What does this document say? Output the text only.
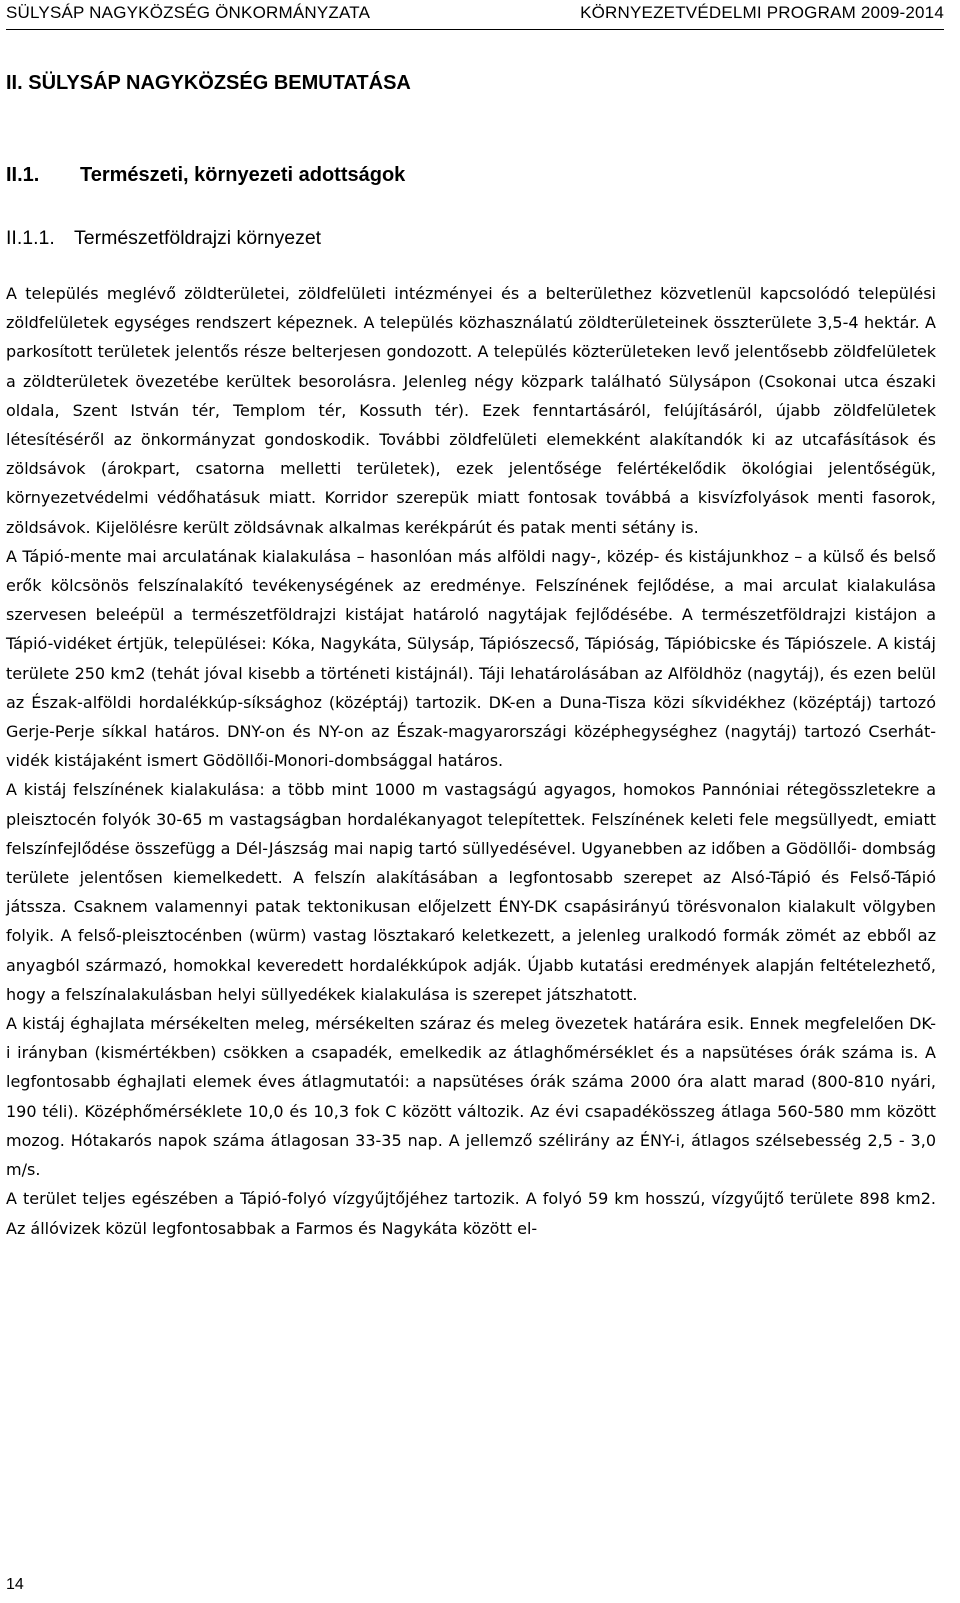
SÜLYSÁP NAGYKÖZSÉG ÖNKORMÁNYZATA	KÖRNYEZETVÉDELMI PROGRAM 2009-2014
II. SÜLYSÁP NAGYKÖZSÉG BEMUTATÁSA
II.1. Természeti, környezeti adottságok
II.1.1. Természetföldrajzi környezet

A település meglévő zöldterületei, zöldfelületi intézményei és a belterülethez közvetlenül kapcsolódó települési zöldfelületek egységes rendszert képeznek. A település közhasználatú zöldterületeinek összterülete 3,5-4 hektár. A parkosított területek jelentős része belterjesen gondozott. A település közterületeken levő jelentősebb zöldfelületek a zöldterületek övezetébe kerültek besorolásra. Jelenleg négy közpark található Sülysápon (Csokonai utca északi oldala, Szent István tér, Templom tér, Kossuth tér). Ezek fenntartásáról, felújításáról, újabb zöldfelületek létesítéséről az önkormányzat gondoskodik. További zöldfelületi elemekként alakítandók ki az utcafásítások és zöldsávok (árokpart, csatorna melletti területek), ezek jelentősége felértékelődik ökológiai jelentőségük, környezetvédelmi védőhatásuk miatt. Korridor szerepük miatt fontosak továbbá a kisvízfolyások menti fasorok, zöldsávok. Kijelölésre került zöldsávnak alkalmas kerékpárút és patak menti sétány is.

A Tápió-mente mai arculatának kialakulása – hasonlóan más alföldi nagy-, közép- és kistájunkhoz – a külső és belső erők kölcsönös felszínalakító tevékenységének az eredménye. Felszínének fejlődése, a mai arculat kialakulása szervesen beleépül a természetföldrajzi kistájat határoló nagytájak fejlődésébe. A természetföldrajzi kistájon a Tápió-vidéket értjük, települései: Kóka, Nagykáta, Sülysáp, Tápiószecső, Tápióság, Tápióbicske és Tápiószele. A kistáj területe 250 km2 (tehát jóval kisebb a történeti kistájnál). Táji lehatárolásában az Alföldhöz (nagytáj), és ezen belül az Észak-alföldi hordalékkúp-síksághoz (középtáj) tartozik. DK-en a Duna-Tisza közi síkvidékhez (középtáj) tartozó Gerje-Perje síkkal határos. DNY-on és NY-on az Észak-magyarországi középhegységhez (nagytáj) tartozó Cserhát-vidék kistájaként ismert Gödöllői-Monori-dombsággal határos.

A kistáj felszínének kialakulása: a több mint 1000 m vastagságú agyagos, homokos Pannóniai rétegösszletekre a pleisztocén folyók 30-65 m vastagságban hordalékanyagot telepítettek. Felszínének keleti fele megsüllyedt, emiatt felszínfejlődése összefügg a Dél-Jászság mai napig tartó süllyedésével. Ugyanebben az időben a Gödöllői- dombság területe jelentősen kiemelkedett. A felszín alakításában a legfontosabb szerepet az Alsó-Tápió és Felső-Tápió játssza. Csaknem valamennyi patak tektonikusan előjelzett ÉNY-DK csapásirányú törésvonalon kialakult völgyben folyik. A felső-pleisztocénben (würm) vastag lösztakaró keletkezett, a jelenleg uralkodó formák zömét az ebből az anyagból származó, homokkal keveredett hordalékkúpok adják. Újabb kutatási eredmények alapján feltételezhető, hogy a felszínalakulásban helyi süllyedékek kialakulása is szerepet játszhatott.

A kistáj éghajlata mérsékelten meleg, mérsékelten száraz és meleg övezetek határára esik. Ennek megfelelően DK-i irányban (kismértékben) csökken a csapadék, emelkedik az átlaghőmérséklet és a napsütéses órák száma is. A legfontosabb éghajlati elemek éves átlagmutatói: a napsütéses órák száma 2000 óra alatt marad (800-810 nyári, 190 téli). Középhőmérséklete 10,0 és 10,3 fok C között változik. Az évi csapadékösszeg átlaga 560-580 mm között mozog. Hótakarós napok száma átlagosan 33-35 nap. A jellemző szélirány az ÉNY-i, átlagos szélsebesség 2,5 - 3,0 m/s.

A terület teljes egészében a Tápió-folyó vízgyűjtőjéhez tartozik. A folyó 59 km hosszú, vízgyűjtő területe 898 km2. Az állóvizek közül legfontosabbak a Farmos és Nagykáta között el-

14
